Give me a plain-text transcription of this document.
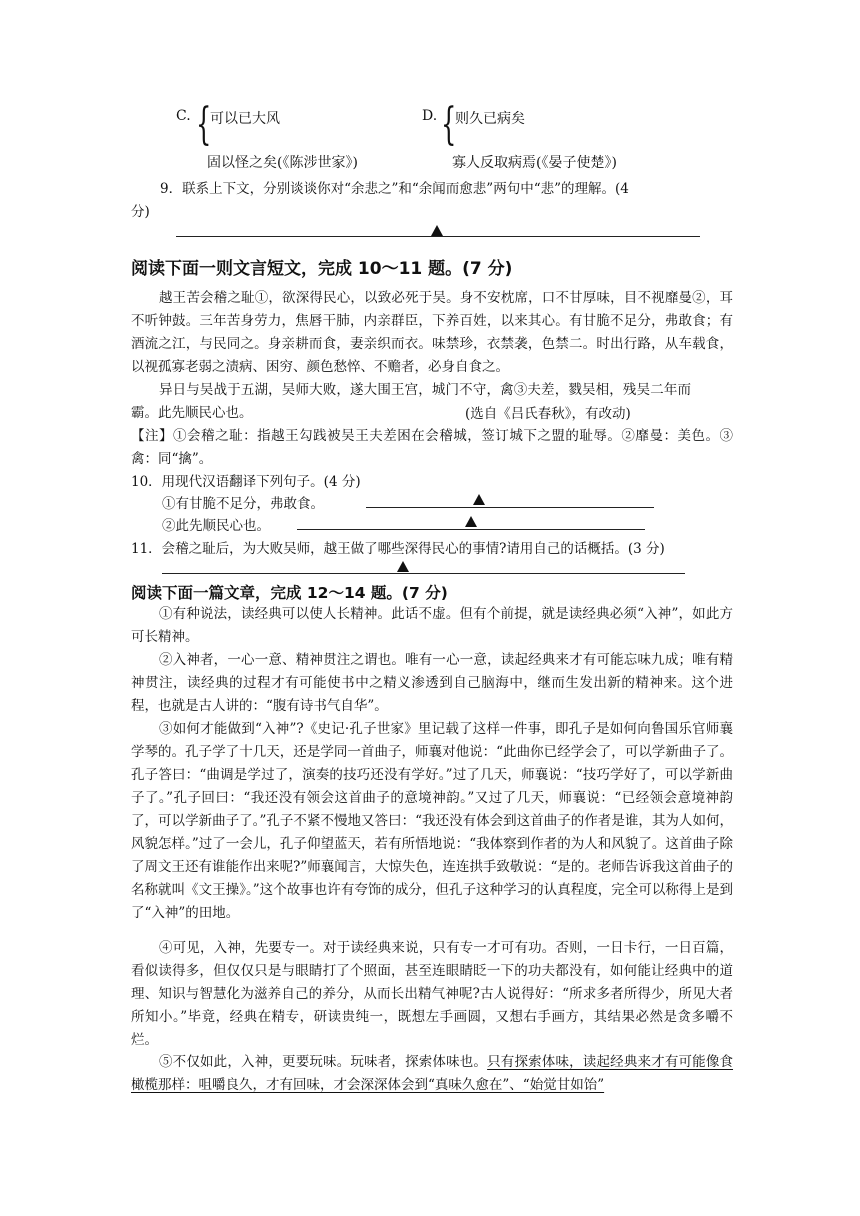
C. {
可以已大风
固以怪之矣(《陈涉世家》)
D. {
则久已病矣
寡人反取病焉(《晏子使楚》)
9．联系上下文，分别谈谈你对“余悲之”和“余闻而愈悲”两句中“悲”的理解。(4
分)
阅读下面一则文言短文，完成 10～11 题。(7 分)
越王苦会稽之耻①，欲深得民心，以致必死于吴。身不安枕席，口不甘厚味，目不视靡曼②，耳不听钟鼓。三年苦身劳力，焦唇干肺，内亲群臣，下养百姓，以来其心。有甘脆不足分，弗敢食；有酒流之江，与民同之。身亲耕而食，妻亲织而衣。味禁珍，衣禁袭，色禁二。时出行路，从车载食，以视孤寡老弱之渍病、困穷、颜色愁悴、不赡者，必身自食之。
异日与吴战于五湖，吴师大败，遂大围王宫，城门不守，禽③夫差，戮吴相，残吴二年而霸。此先顺民心也。	(选自《吕氏春秋》，有改动)
【注】①会稽之耻：指越王勾践被吴王夫差困在会稽城，签订城下之盟的耻辱。②靡曼：美色。③禽：同“擒”。
10．用现代汉语翻译下列句子。(4 分)
①有甘脆不足分，弗敢食。
②此先顺民心也。
11．会稽之耻后，为大败吴师，越王做了哪些深得民心的事情?请用自己的话概括。(3 分)
阅读下面一篇文章，完成 12～14 题。(7 分)
①有种说法，读经典可以使人长精神。此话不虚。但有个前提，就是读经典必须“入神”，如此方可长精神。
②入神者，一心一意、精神贯注之谓也。唯有一心一意，读起经典来才有可能忘味九成；唯有精神贯注，读经典的过程才有可能使书中之精义渗透到自己脑海中，继而生发出新的精神来。这个进程，也就是古人讲的：“腹有诗书气自华”。
③如何才能做到“入神”?《史记·孔子世家》里记载了这样一件事，即孔子是如何向鲁国乐官师襄学琴的。孔子学了十几天，还是学同一首曲子，师襄对他说：“此曲你已经学会了，可以学新曲子了。孔子答曰：“曲调是学过了，演奏的技巧还没有学好。”过了几天，师襄说：“技巧学好了，可以学新曲子了。”孔子回曰：“我还没有领会这首曲子的意境神韵。”又过了几天，师襄说：“已经领会意境神韵了，可以学新曲子了。”孔子不紧不慢地又答曰：“我还没有体会到这首曲子的作者是谁，其为人如何，风貌怎样。”过了一会儿，孔子仰望蓝天，若有所悟地说：“我体察到作者的为人和风貌了。这首曲子除了周文王还有谁能作出来呢?”师襄闻言，大惊失色，连连拱手致敬说：“是的。老师告诉我这首曲子的名称就叫《文王操》。”这个故事也许有夸饰的成分，但孔子这种学习的认真程度，完全可以称得上是到了“入神”的田地。
④可见，入神，先要专一。对于读经典来说，只有专一才可有功。否则，一日卡行，一日百篇，看似读得多，但仅仅只是与眼睛打了个照面，甚至连眼睛眨一下的功夫都没有，如何能让经典中的道理、知识与智慧化为滋养自己的养分，从而长出精气神呢?古人说得好：“所求多者所得少，所见大者所知小。”毕竟，经典在精专，研读贵纯一，既想左手画圆，又想右手画方，其结果必然是贪多嚼不烂。
⑤不仅如此，入神，更要玩味。玩味者，探索体味也。只有探索体味，读起经典来才有可能像食橄榄那样：咀嚼良久，才有回味，才会深深体会到“真味久愈在”、“始觉甘如饴”
